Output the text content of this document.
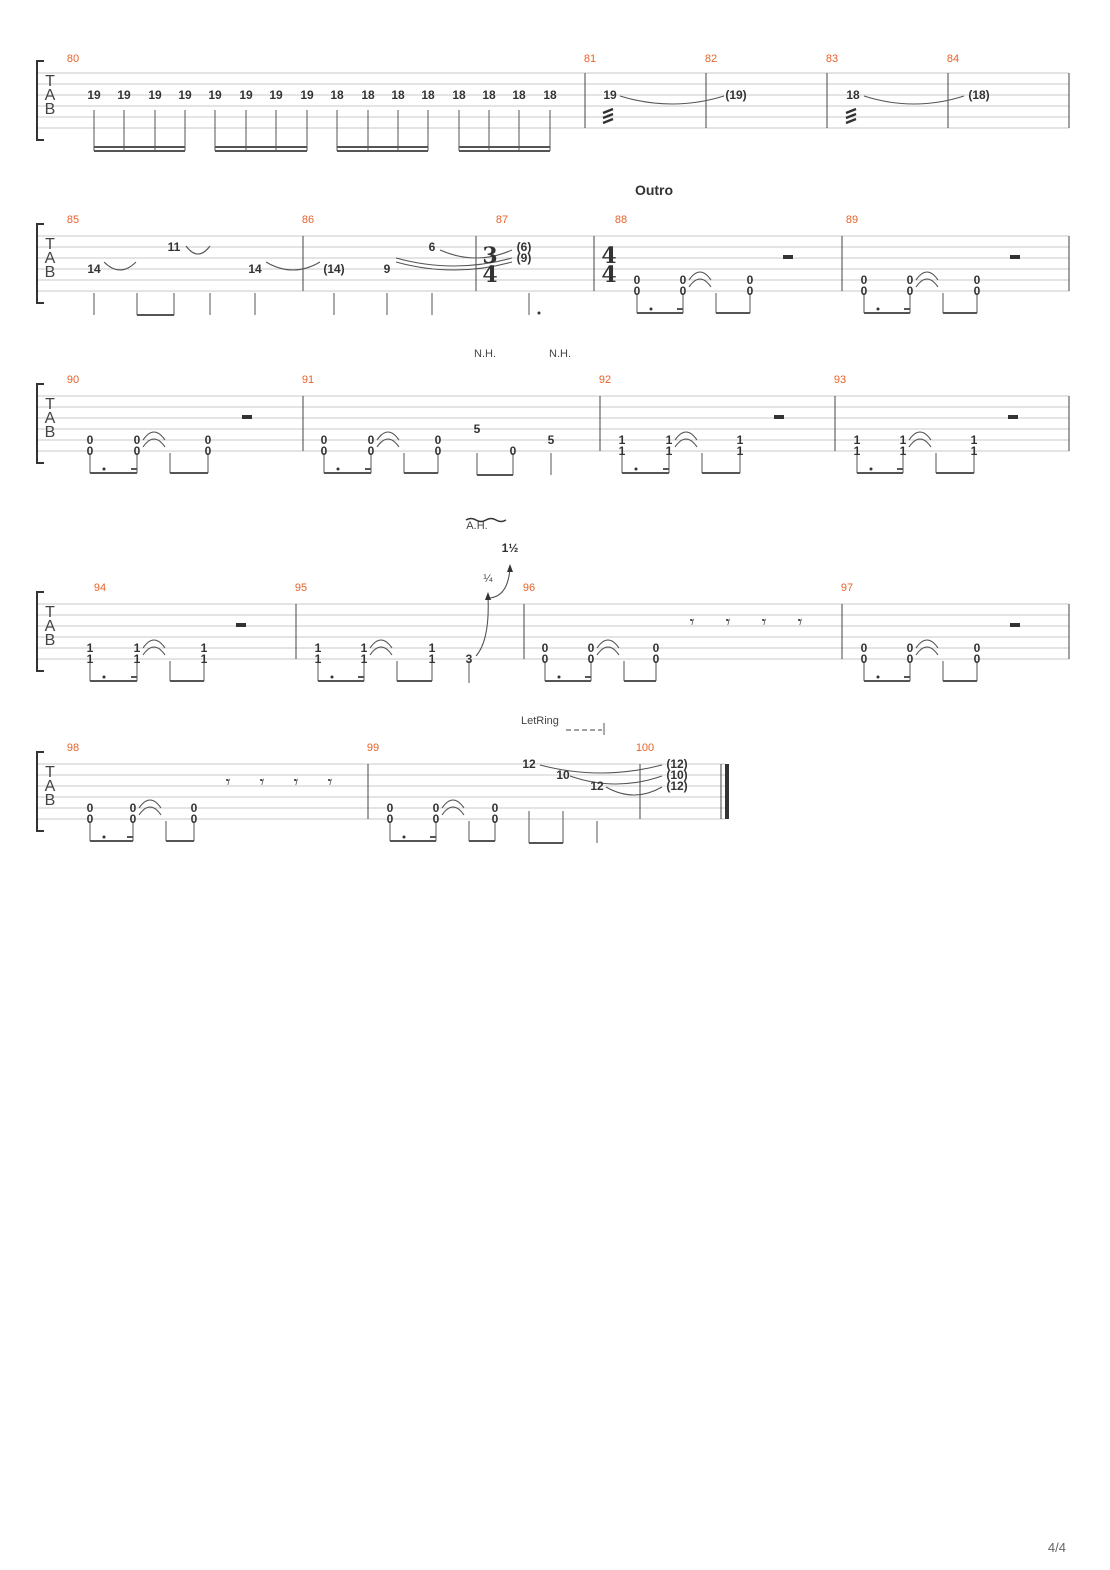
T
A
B
T
A
B
T
A
B
T
A
B
T
A
B
80	81	82	83	84
85	86	87	88	89
90	91	92	93
94	95	96	97
98	99	100
19 19 19 19 19 19 19 19 18 18 18 18 18 18 18 18	19	(19)	18	(18)
14
11
14	(14)	9
6	(6)
(9)
0
0
0
0
0
0
0
0
0
0
0
0
0
0
0
0
0
0
0
0
0
0
0
0
5
0
5	1
1
1
1
1
1
1
1
1
1
1
1
1
1
1
1
1
1
1
1
1
1
1
1	3
0
0
0
0
0
0
0
0
0
0
0
0
0
0
0
0
0
0
0
0
0
0
0
0
12
10
12
(12)
(10)
(12)
3
4
4
4
Outro
N.H.	N.H.
¼
1½
A.H.
𝄾 𝄾 𝄾 𝄾
𝄾 𝄾 𝄾 𝄾
LetRing
4/4
